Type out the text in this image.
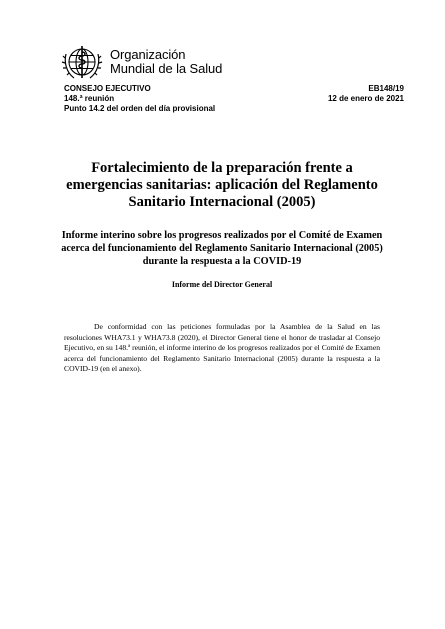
Organización
Mundial de la Salud
CONSEJO EJECUTIVO
148.ª reunión
Punto 14.2 del orden del día provisional
EB148/19
12 de enero de 2021
Fortalecimiento de la preparación frente a emergencias sanitarias: aplicación del Reglamento Sanitario Internacional (2005)
Informe interino sobre los progresos realizados por el Comité de Examen acerca del funcionamiento del Reglamento Sanitario Internacional (2005) durante la respuesta a la COVID-19
Informe del Director General

De conformidad con las peticiones formuladas por la Asamblea de la Salud en las resoluciones WHA73.1 y WHA73.8 (2020), el Director General tiene el honor de trasladar al Consejo Ejecutivo, en su 148.ª reunión, el informe interino de los progresos realizados por el Comité de Examen acerca del funcionamiento del Reglamento Sanitario Internacional (2005) durante la respuesta a la COVID-19 (en el anexo).
